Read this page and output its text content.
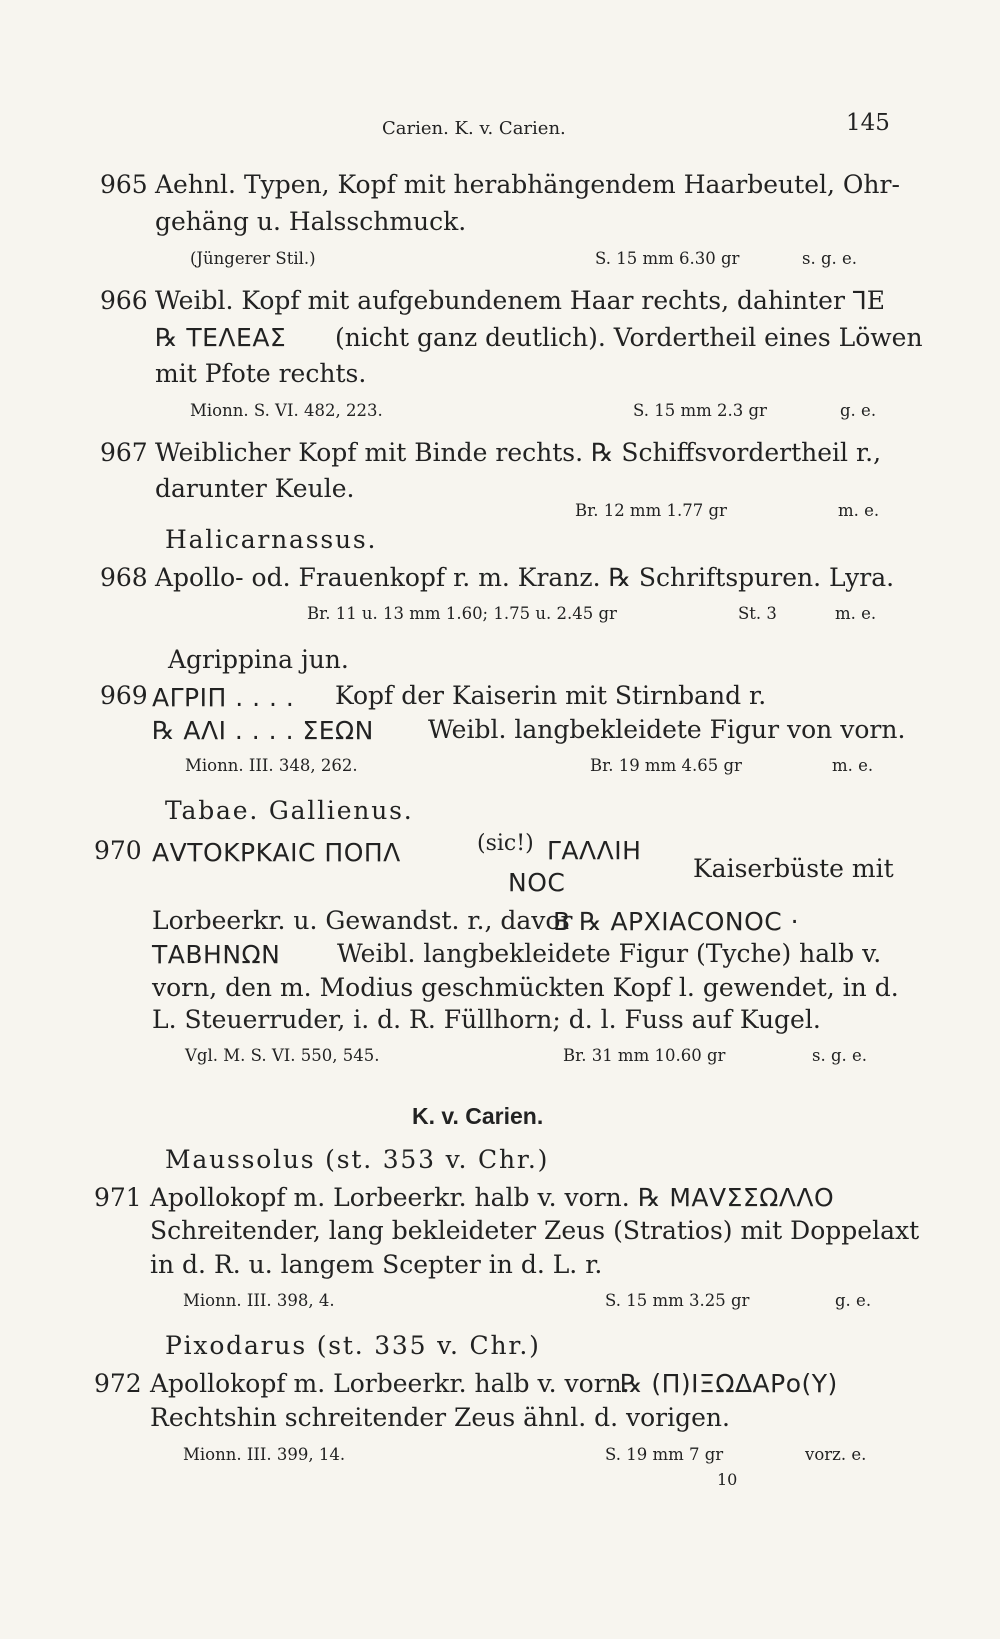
Carien. K. v. Carien.	145
965 Aehnl. Typen, Kopf mit herabhängendem Haarbeutel, Ohr-
gehäng u. Halsschmuck.
(Jüngerer Stil.)	S. 15 mm 6.30 gr	s. g. e.
966 Weibl. Kopf mit aufgebundenem Haar rechts, dahinter ⅂E
℞ ΤΕΛΕΑΣ (nicht ganz deutlich). Vordertheil eines Löwen
mit Pfote rechts.
Mionn. S. VI. 482, 223.	S. 15 mm 2.3 gr	g. e.
967 Weiblicher Kopf mit Binde rechts. ℞ Schiffsvordertheil r.,
darunter Keule.
Br. 12 mm 1.77 gr	m. e.
Halicarnassus.
968 Apollo- od. Frauenkopf r. m. Kranz. ℞ Schriftspuren. Lyra.
Br. 11 u. 13 mm 1.60; 1.75 u. 2.45 gr	St. 3	m. e.
Agrippina jun.
969 ΑΓΡΙΠ . . . . Kopf der Kaiserin mit Stirnband r.
℞ ΑΛΙ . . . . ΣΕΩΝ Weibl. langbekleidete Figur von vorn.
Mionn. III. 348, 262.	Br. 19 mm 4.65 gr	m. e.
Tabae. Gallienus.
970 ΑVΤΟΚΡΚΑΙϹ ΠΟΠΛ	(sic!) ΓΑΛΛΙΗ
ΝΟϹ	Kaiserbüste mit
Lorbeerkr. u. Gewandst. r., davor
Β ℞ ΑΡΧΙΑϹΟΝΟϹ ·
ΤΑΒΗΝΩΝ Weibl. langbekleidete Figur (Tyche) halb v.
vorn, den m. Modius geschmückten Kopf l. gewendet, in d.
L. Steuerruder, i. d. R. Füllhorn; d. l. Fuss auf Kugel.
Vgl. M. S. VI. 550, 545.	Br. 31 mm 10.60 gr	s. g. e.
K. v. Carien.
Maussolus (st. 353 v. Chr.)
971 Apollokopf m. Lorbeerkr. halb v. vorn. ℞ ΜΑVΣΣΩΛΛΟ
Schreitender, lang bekleideter Zeus (Stratios) mit Doppelaxt
in d. R. u. langem Scepter in d. L. r.
Mionn. III. 398, 4.	S. 15 mm 3.25 gr	g. e.
Pixodarus (st. 335 v. Chr.)
972 Apollokopf m. Lorbeerkr. halb v. vorn.
℞ (Π)ΙΞΩΔΑΡo(Υ)
Rechtshin schreitender Zeus ähnl. d. vorigen.
Mionn. III. 399, 14.	S. 19 mm 7 gr	vorz. e.
10
